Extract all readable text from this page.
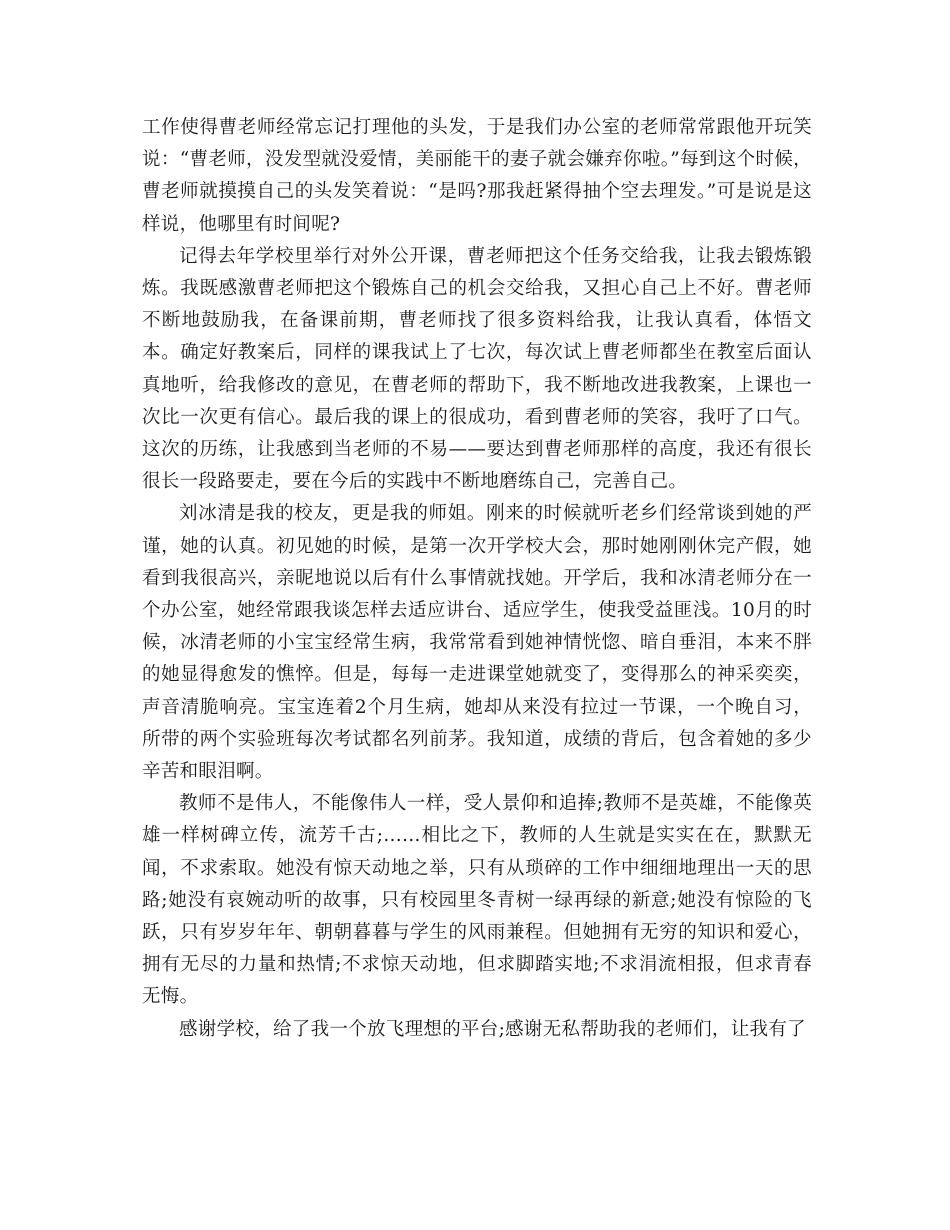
工作使得曹老师经常忘记打理他的头发，于是我们办公室的老师常常跟他开玩笑说：“曹老师，没发型就没爱情，美丽能干的妻子就会嫌弃你啦。”每到这个时候，曹老师就摸摸自己的头发笑着说：“是吗?那我赶紧得抽个空去理发。”可是说是这样说，他哪里有时间呢?

记得去年学校里举行对外公开课，曹老师把这个任务交给我，让我去锻炼锻炼。我既感激曹老师把这个锻炼自己的机会交给我，又担心自己上不好。曹老师不断地鼓励我，在备课前期，曹老师找了很多资料给我，让我认真看，体悟文本。确定好教案后，同样的课我试上了七次，每次试上曹老师都坐在教室后面认真地听，给我修改的意见，在曹老师的帮助下，我不断地改进我教案，上课也一次比一次更有信心。最后我的课上的很成功，看到曹老师的笑容，我吁了口气。这次的历练，让我感到当老师的不易——要达到曹老师那样的高度，我还有很长很长一段路要走，要在今后的实践中不断地磨练自己，完善自己。

刘冰清是我的校友，更是我的师姐。刚来的时候就听老乡们经常谈到她的严谨，她的认真。初见她的时候，是第一次开学校大会，那时她刚刚休完产假，她看到我很高兴，亲昵地说以后有什么事情就找她。开学后，我和冰清老师分在一个办公室，她经常跟我谈怎样去适应讲台、适应学生，使我受益匪浅。10月的时候，冰清老师的小宝宝经常生病，我常常看到她神情恍惚、暗自垂泪，本来不胖的她显得愈发的憔悴。但是，每每一走进课堂她就变了，变得那么的神采奕奕，声音清脆响亮。宝宝连着2个月生病，她却从来没有拉过一节课，一个晚自习，所带的两个实验班每次考试都名列前茅。我知道，成绩的背后，包含着她的多少辛苦和眼泪啊。

教师不是伟人，不能像伟人一样，受人景仰和追捧;教师不是英雄，不能像英雄一样树碑立传，流芳千古;……相比之下，教师的人生就是实实在在，默默无闻，不求索取。她没有惊天动地之举，只有从琐碎的工作中细细地理出一天的思路;她没有哀婉动听的故事，只有校园里冬青树一绿再绿的新意;她没有惊险的飞跃，只有岁岁年年、朝朝暮暮与学生的风雨兼程。但她拥有无穷的知识和爱心，拥有无尽的力量和热情;不求惊天动地，但求脚踏实地;不求涓流相报，但求青春无悔。

感谢学校，给了我一个放飞理想的平台;感谢无私帮助我的老师们，让我有了
